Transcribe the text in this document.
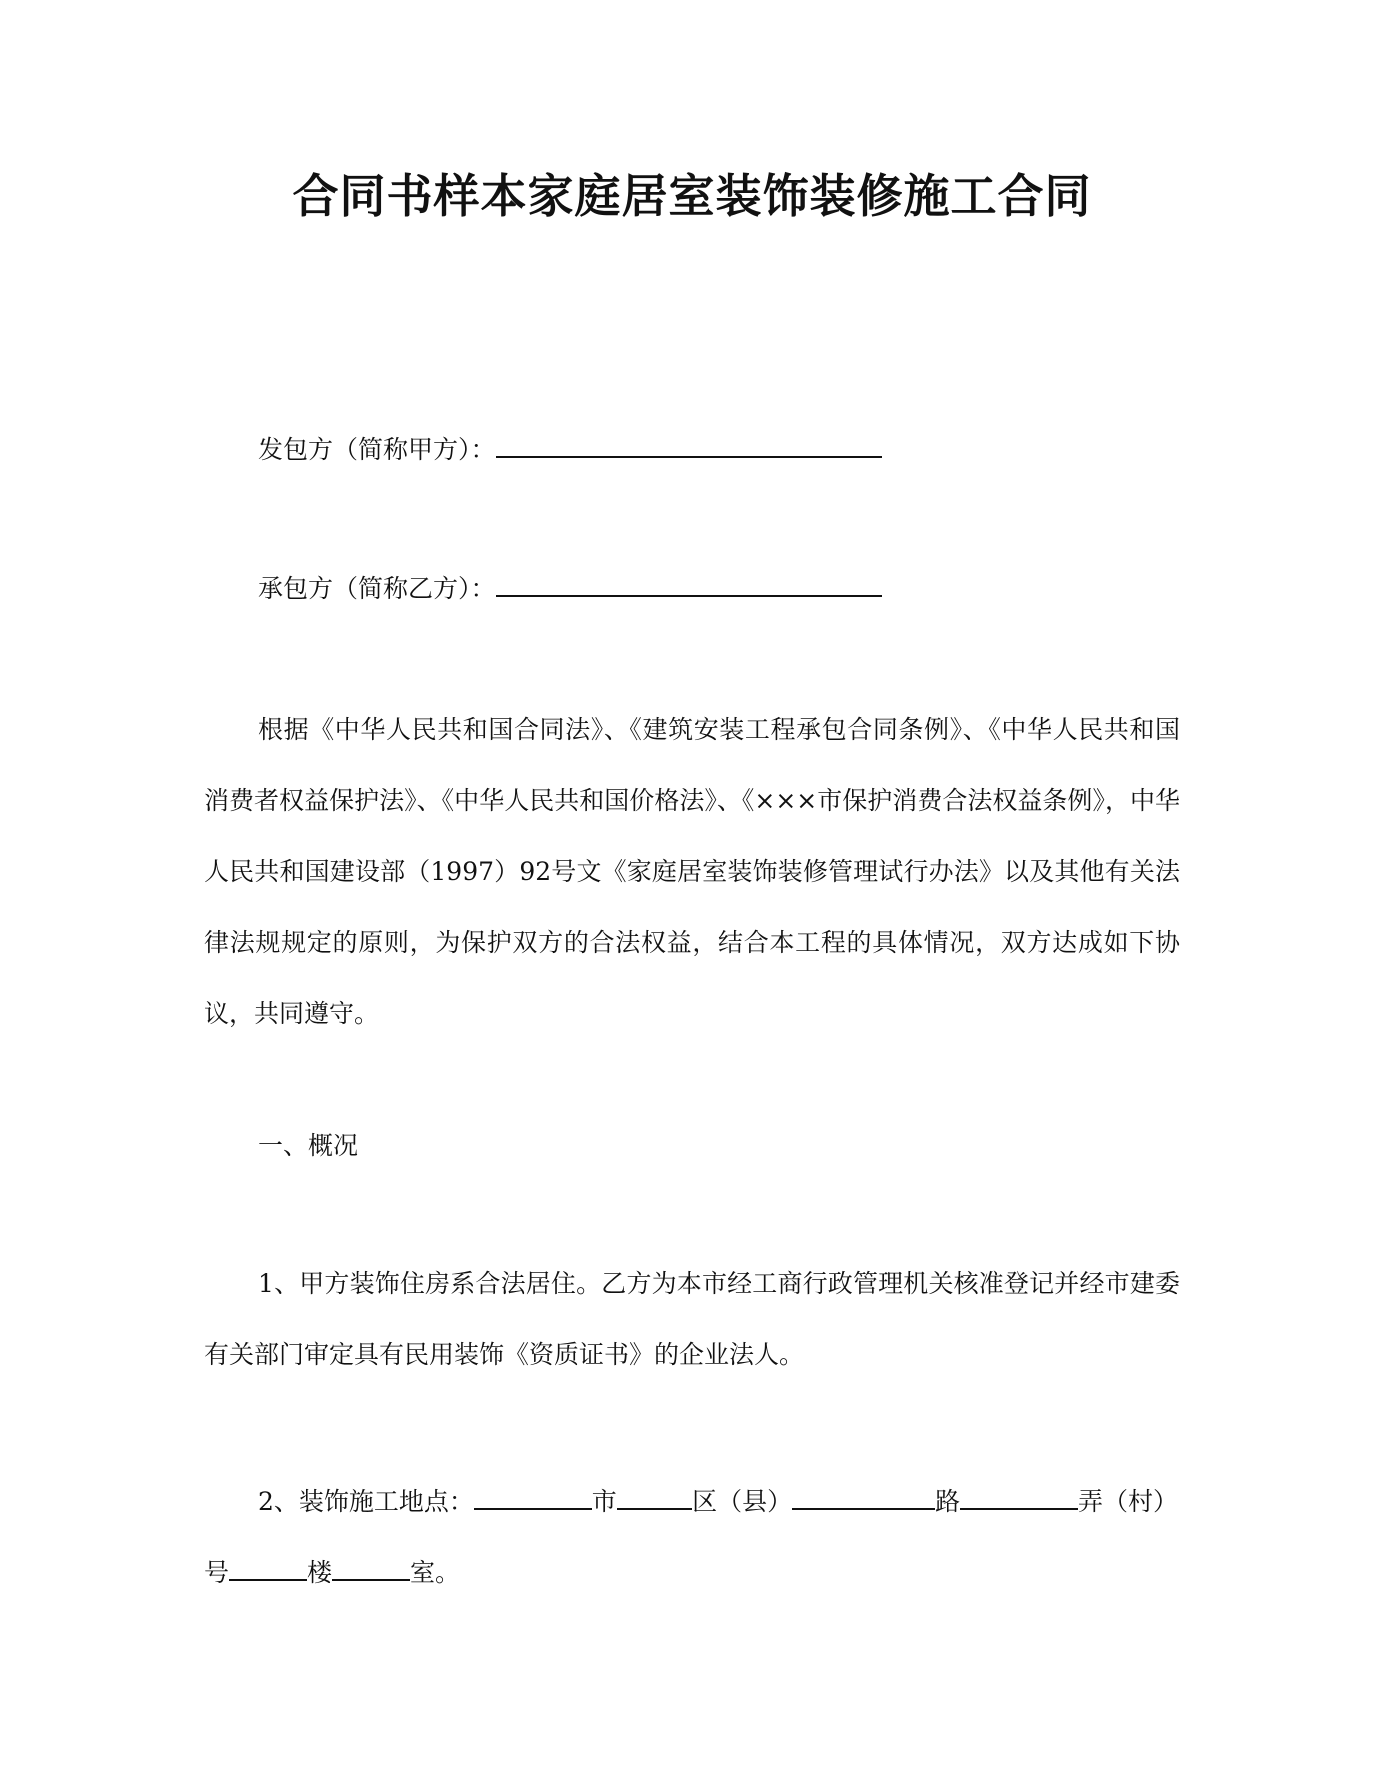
合同书样本家庭居室装饰装修施工合同
发包方（简称甲方）：
承包方（简称乙方）：

根据《中华人民共和国合同法》、《建筑安装工程承包合同条例》、《中华人民共和国消费者权益保护法》、《中华人民共和国价格法》、《×××市保护消费合法权益条例》，中华人民共和国建设部（1997）92号文《家庭居室装饰装修管理试行办法》以及其他有关法律法规规定的原则，为保护双方的合法权益，结合本工程的具体情况，双方达成如下协议，共同遵守。

一、概况

1、甲方装饰住房系合法居住。乙方为本市经工商行政管理机关核准登记并经市建委有关部门审定具有民用装饰《资质证书》的企业法人。

2、装饰施工地点：	市	区（县）	路	弄（村）
号	楼	室。
